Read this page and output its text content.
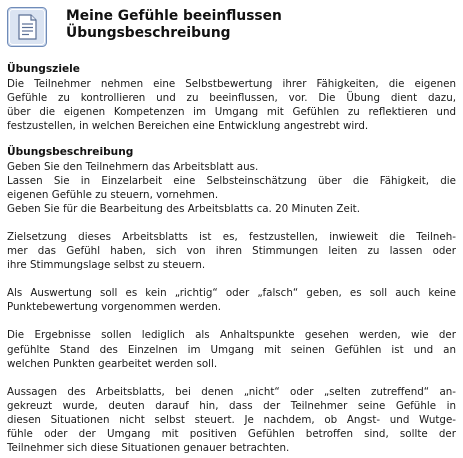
Meine Gefühle beeinflussen
Übungsbeschreibung
Übungsziele
Die Teilnehmer nehmen eine Selbstbewertung ihrer Fähigkeiten, die eigenen
Gefühle zu kontrollieren und zu beeinflussen, vor. Die Übung dient dazu,
über die eigenen Kompetenzen im Umgang mit Gefühlen zu reflektieren und
festzustellen, in welchen Bereichen eine Entwicklung angestrebt wird.
Übungsbeschreibung
Geben Sie den Teilnehmern das Arbeitsblatt aus.
Lassen Sie in Einzelarbeit eine Selbsteinschätzung über die Fähigkeit, die
eigenen Gefühle zu steuern, vornehmen.
Geben Sie für die Bearbeitung des Arbeitsblatts ca. 20 Minuten Zeit.
Zielsetzung dieses Arbeitsblatts ist es, festzustellen, inwieweit die Teilneh-
mer das Gefühl haben, sich von ihren Stimmungen leiten zu lassen oder
ihre Stimmungslage selbst zu steuern.
Als Auswertung soll es kein „richtig“ oder „falsch“ geben, es soll auch keine
Punktebewertung vorgenommen werden.
Die Ergebnisse sollen lediglich als Anhaltspunkte gesehen werden, wie der
gefühlte Stand des Einzelnen im Umgang mit seinen Gefühlen ist und an
welchen Punkten gearbeitet werden soll.
Aussagen des Arbeitsblatts, bei denen „nicht“ oder „selten zutreffend“ an-
gekreuzt wurde, deuten darauf hin, dass der Teilnehmer seine Gefühle in
diesen Situationen nicht selbst steuert. Je nachdem, ob Angst- und Wutge-
fühle oder der Umgang mit positiven Gefühlen betroffen sind, sollte der
Teilnehmer sich diese Situationen genauer betrachten.
